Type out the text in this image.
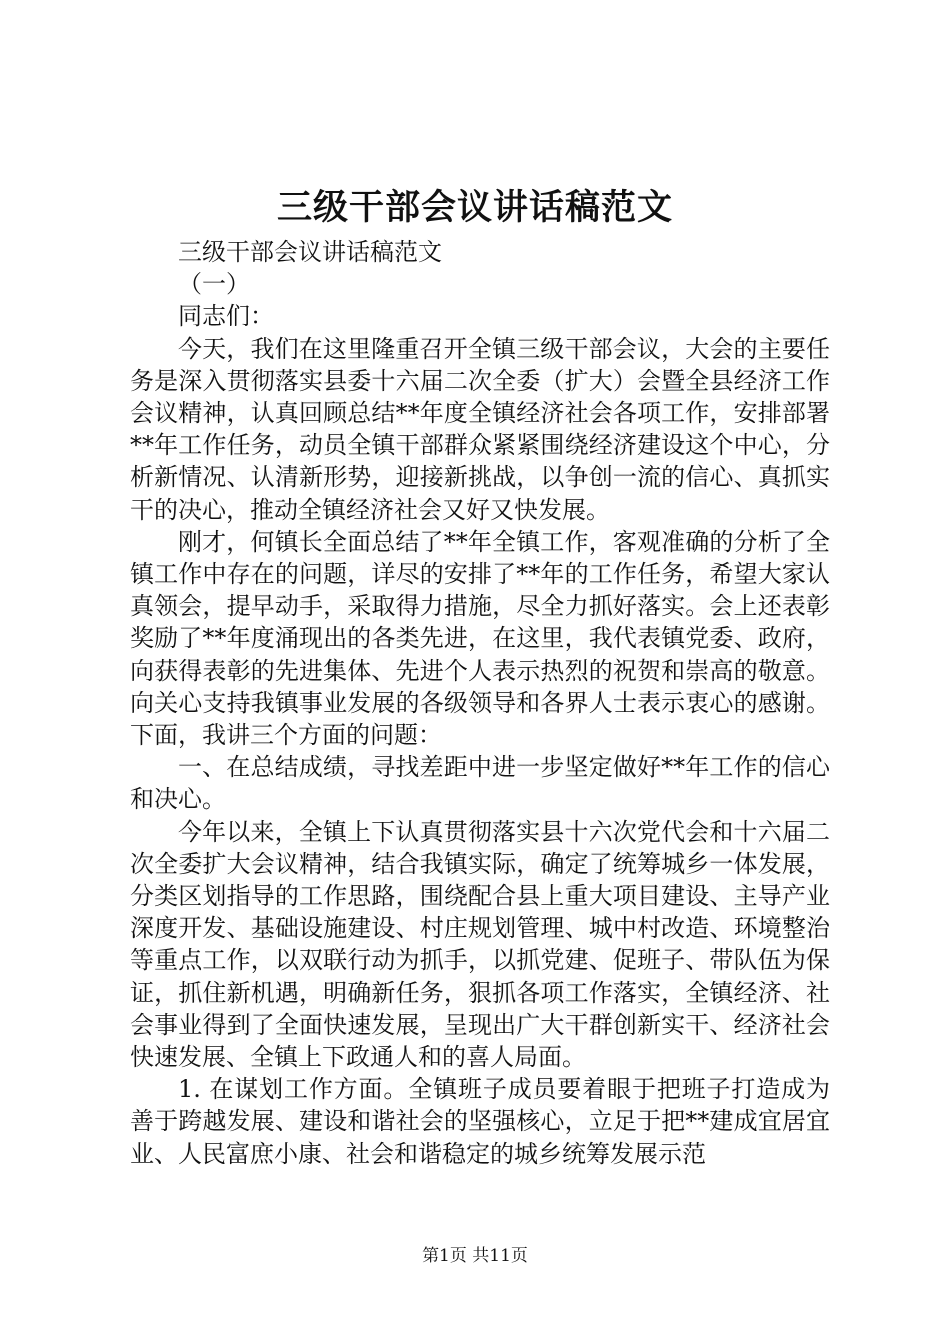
三级干部会议讲话稿范文

三级干部会议讲话稿范文

（一）

同志们：

今天，我们在这里隆重召开全镇三级干部会议，大会的主要任务是深入贯彻落实县委十六届二次全委（扩大）会暨全县经济工作会议精神，认真回顾总结**年度全镇经济社会各项工作，安排部署**年工作任务，动员全镇干部群众紧紧围绕经济建设这个中心，分析新情况、认清新形势，迎接新挑战，以争创一流的信心、真抓实干的决心，推动全镇经济社会又好又快发展。

刚才，何镇长全面总结了**年全镇工作，客观准确的分析了全镇工作中存在的问题，详尽的安排了**年的工作任务，希望大家认真领会，提早动手，采取得力措施，尽全力抓好落实。会上还表彰奖励了**年度涌现出的各类先进，在这里，我代表镇党委、政府，向获得表彰的先进集体、先进个人表示热烈的祝贺和崇高的敬意。向关心支持我镇事业发展的各级领导和各界人士表示衷心的感谢。下面，我讲三个方面的问题：

一、在总结成绩，寻找差距中进一步坚定做好**年工作的信心和决心。

今年以来，全镇上下认真贯彻落实县十六次党代会和十六届二次全委扩大会议精神，结合我镇实际，确定了统筹城乡一体发展，分类区划指导的工作思路，围绕配合县上重大项目建设、主导产业深度开发、基础设施建设、村庄规划管理、城中村改造、环境整治等重点工作，以双联行动为抓手，以抓党建、促班子、带队伍为保证，抓住新机遇，明确新任务，狠抓各项工作落实，全镇经济、社会事业得到了全面快速发展，呈现出广大干群创新实干、经济社会快速发展、全镇上下政通人和的喜人局面。

1. 在谋划工作方面。全镇班子成员要着眼于把班子打造成为善于跨越发展、建设和谐社会的坚强核心，立足于把**建成宜居宜业、人民富庶小康、社会和谐稳定的城乡统筹发展示范

第1页 共11页
